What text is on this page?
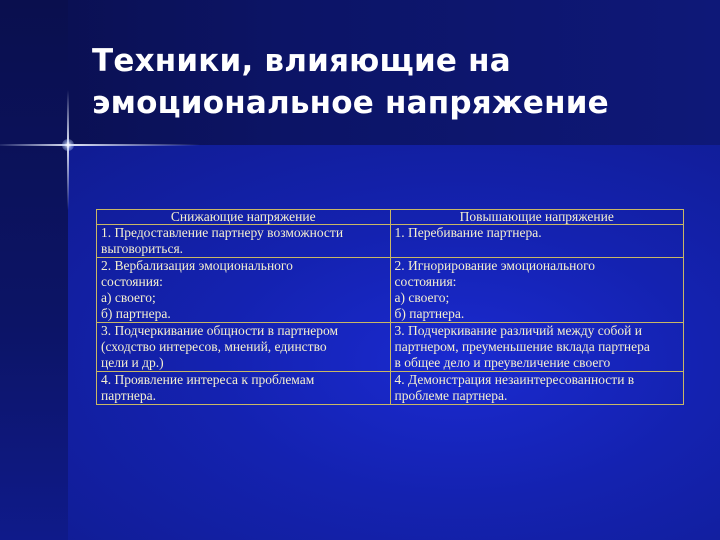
Техники, влияющие на
эмоциональное напряжение
Снижающие напряжение	Повышающие напряжение

1. Предоставление партнеру возможности
выговориться.	1. Перебивание партнера.

2. Вербализация эмоционального
состояния:
а) своего;
б) партнера.	2. Игнорирование эмоционального
состояния:
а) своего;
б) партнера.

3. Подчеркивание общности в партнером
(сходство интересов, мнений, единство
цели и др.)	3. Подчеркивание различий между собой и
партнером, преуменьшение вклада партнера
в общее дело и преувеличение своего

4. Проявление интереса к проблемам
партнера.	4. Демонстрация незаинтересованности в
проблеме партнера.
